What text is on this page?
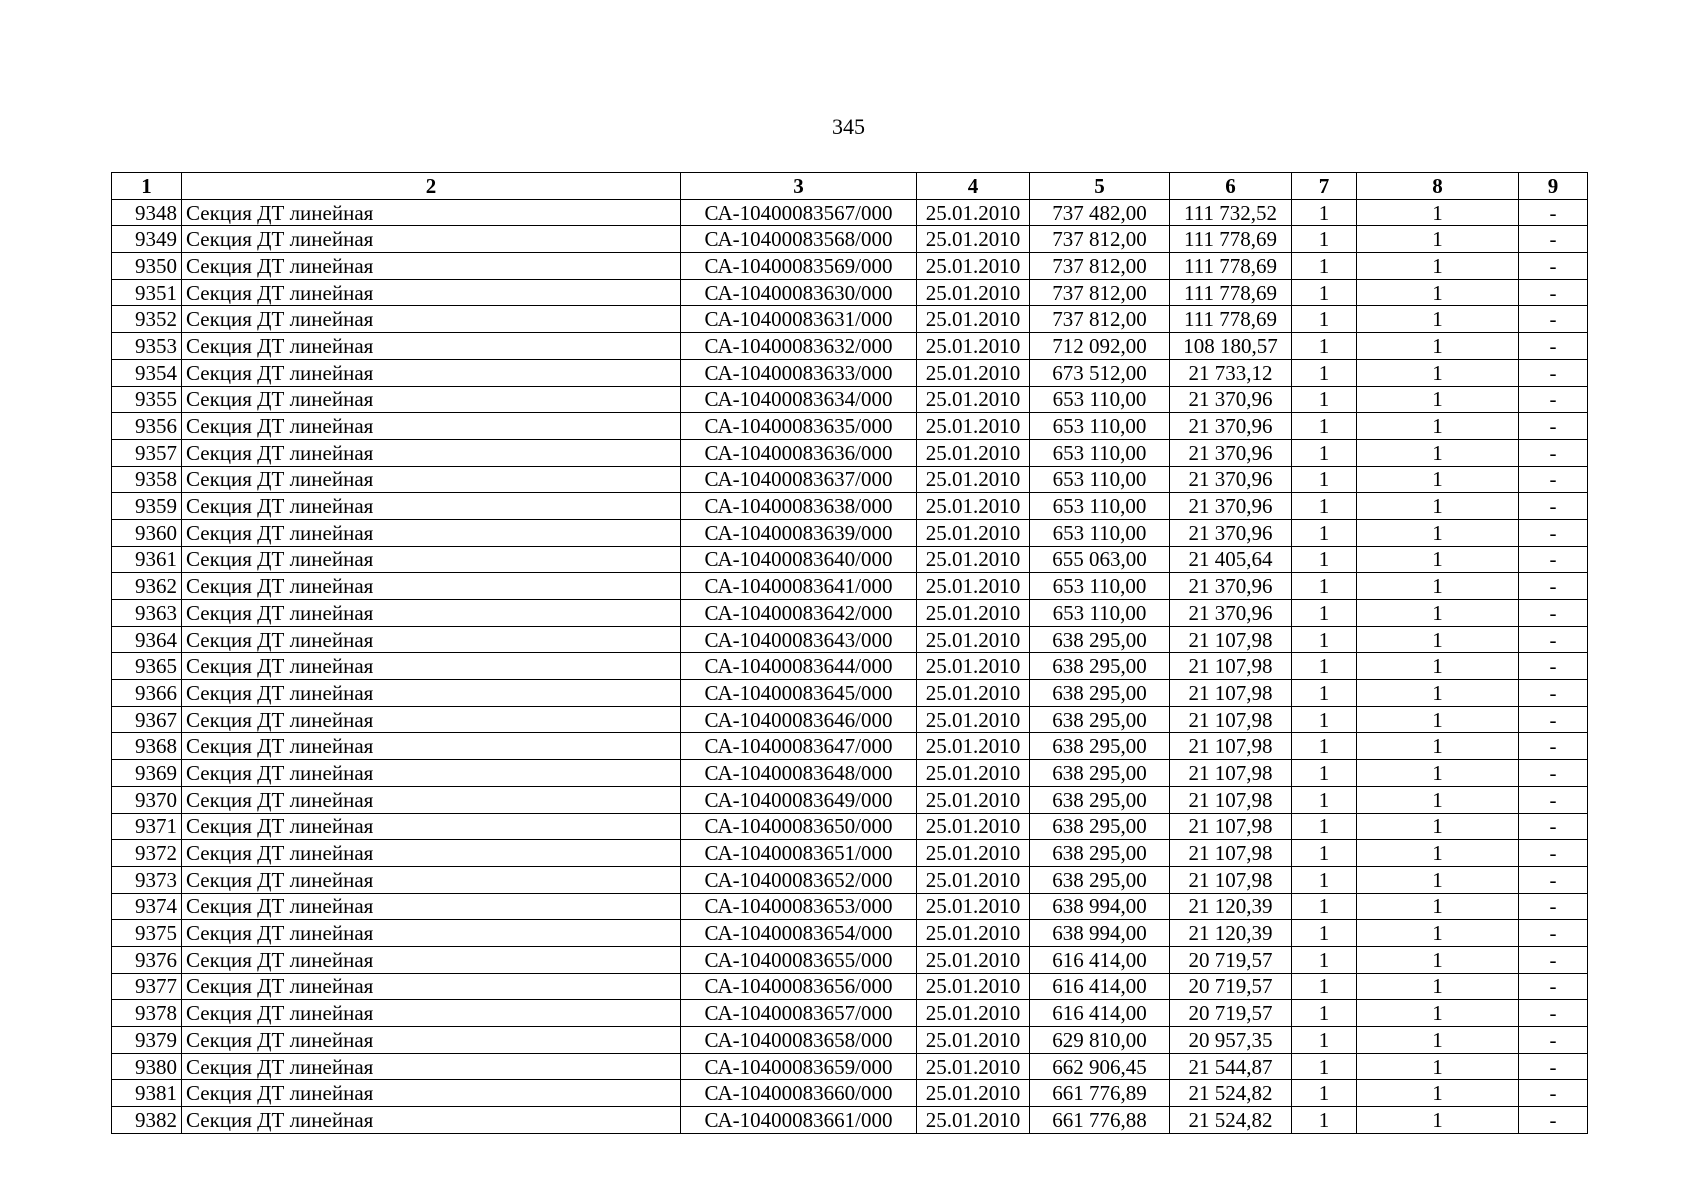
345
1	2	3	4	5	6	7	8	9
9348	Секция ДТ линейная	СА-10400083567/000	25.01.2010	737 482,00	111 732,52	1	1	-
9349	Секция ДТ линейная	СА-10400083568/000	25.01.2010	737 812,00	111 778,69	1	1	-
9350	Секция ДТ линейная	СА-10400083569/000	25.01.2010	737 812,00	111 778,69	1	1	-
9351	Секция ДТ линейная	СА-10400083630/000	25.01.2010	737 812,00	111 778,69	1	1	-
9352	Секция ДТ линейная	СА-10400083631/000	25.01.2010	737 812,00	111 778,69	1	1	-
9353	Секция ДТ линейная	СА-10400083632/000	25.01.2010	712 092,00	108 180,57	1	1	-
9354	Секция ДТ линейная	СА-10400083633/000	25.01.2010	673 512,00	21 733,12	1	1	-
9355	Секция ДТ линейная	СА-10400083634/000	25.01.2010	653 110,00	21 370,96	1	1	-
9356	Секция ДТ линейная	СА-10400083635/000	25.01.2010	653 110,00	21 370,96	1	1	-
9357	Секция ДТ линейная	СА-10400083636/000	25.01.2010	653 110,00	21 370,96	1	1	-
9358	Секция ДТ линейная	СА-10400083637/000	25.01.2010	653 110,00	21 370,96	1	1	-
9359	Секция ДТ линейная	СА-10400083638/000	25.01.2010	653 110,00	21 370,96	1	1	-
9360	Секция ДТ линейная	СА-10400083639/000	25.01.2010	653 110,00	21 370,96	1	1	-
9361	Секция ДТ линейная	СА-10400083640/000	25.01.2010	655 063,00	21 405,64	1	1	-
9362	Секция ДТ линейная	СА-10400083641/000	25.01.2010	653 110,00	21 370,96	1	1	-
9363	Секция ДТ линейная	СА-10400083642/000	25.01.2010	653 110,00	21 370,96	1	1	-
9364	Секция ДТ линейная	СА-10400083643/000	25.01.2010	638 295,00	21 107,98	1	1	-
9365	Секция ДТ линейная	СА-10400083644/000	25.01.2010	638 295,00	21 107,98	1	1	-
9366	Секция ДТ линейная	СА-10400083645/000	25.01.2010	638 295,00	21 107,98	1	1	-
9367	Секция ДТ линейная	СА-10400083646/000	25.01.2010	638 295,00	21 107,98	1	1	-
9368	Секция ДТ линейная	СА-10400083647/000	25.01.2010	638 295,00	21 107,98	1	1	-
9369	Секция ДТ линейная	СА-10400083648/000	25.01.2010	638 295,00	21 107,98	1	1	-
9370	Секция ДТ линейная	СА-10400083649/000	25.01.2010	638 295,00	21 107,98	1	1	-
9371	Секция ДТ линейная	СА-10400083650/000	25.01.2010	638 295,00	21 107,98	1	1	-
9372	Секция ДТ линейная	СА-10400083651/000	25.01.2010	638 295,00	21 107,98	1	1	-
9373	Секция ДТ линейная	СА-10400083652/000	25.01.2010	638 295,00	21 107,98	1	1	-
9374	Секция ДТ линейная	СА-10400083653/000	25.01.2010	638 994,00	21 120,39	1	1	-
9375	Секция ДТ линейная	СА-10400083654/000	25.01.2010	638 994,00	21 120,39	1	1	-
9376	Секция ДТ линейная	СА-10400083655/000	25.01.2010	616 414,00	20 719,57	1	1	-
9377	Секция ДТ линейная	СА-10400083656/000	25.01.2010	616 414,00	20 719,57	1	1	-
9378	Секция ДТ линейная	СА-10400083657/000	25.01.2010	616 414,00	20 719,57	1	1	-
9379	Секция ДТ линейная	СА-10400083658/000	25.01.2010	629 810,00	20 957,35	1	1	-
9380	Секция ДТ линейная	СА-10400083659/000	25.01.2010	662 906,45	21 544,87	1	1	-
9381	Секция ДТ линейная	СА-10400083660/000	25.01.2010	661 776,89	21 524,82	1	1	-
9382	Секция ДТ линейная	СА-10400083661/000	25.01.2010	661 776,88	21 524,82	1	1	-
